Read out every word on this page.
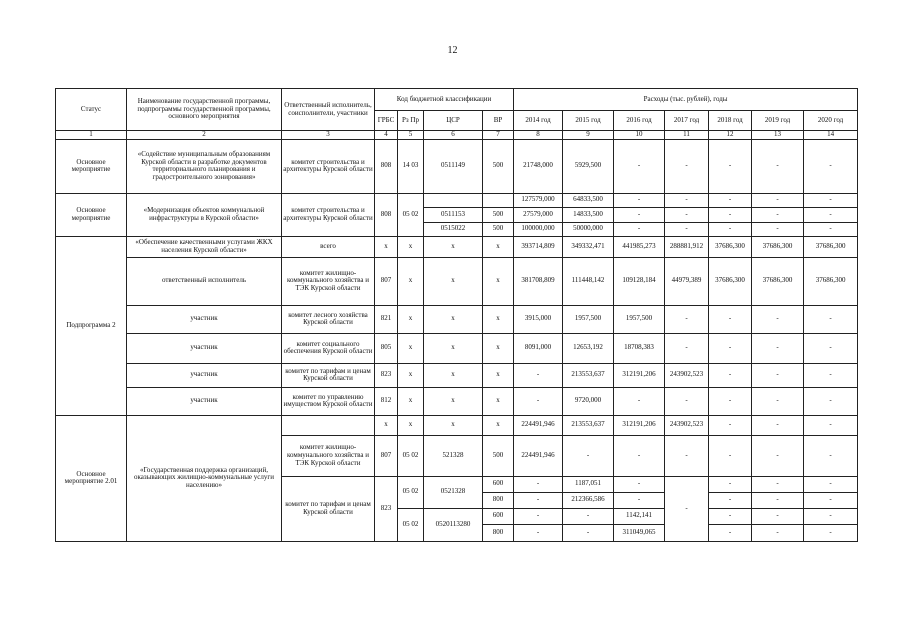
12
Статус	Наименование государственной программы, подпрограммы государственной программы, основного мероприятия	Ответственный исполнитель, соисполнители, участники	Код бюджетной классификации				Расходы (тыс. рублей), годы						
			ГРБС	Рз Пр	ЦСР	ВР	2014 год	2015 год	2016 год	2017 год	2018 год	2019 год	2020 год
1	2	3	4	5	6	7	8	9	10	11	12	13	14
Основное мероприятие	«Содействие муниципальным образованиям Курской области в разработке документов территориального планирования и градостроительного зонирования»	комитет строительства и архитектуры Курской области	808	14 03	0511149	500	21748,000	5929,500	-	-	-	-	-
Основное мероприятие	«Модернизация объектов коммунальной инфраструктуры в Курской области»	комитет строительства и архитектуры Курской области	808	05 02			127579,000	64833,500	-	-	-	-	-
					0511153	500	27579,000	14833,500	-	-	-	-	-
					0515022	500	100000,000	50000,000	-	-	-	-	-
Подпрограмма 2	«Обеспечение качественными услугами ЖКХ населения Курской области»	всего	х	х	х	х	393714,809	349332,471	441985,273	288881,912	37686,300	37686,300	37686,300
	ответственный исполнитель	комитет жилищно-коммунального хозяйства и ТЭК Курской области	807	х	х	х	381708,809	111448,142	109128,184	44979,389	37686,300	37686,300	37686,300
	участник	комитет лесного хозяйства Курской области	821	х	х	х	3915,000	1957,500	1957,500	-	-	-	-
	участник	комитет социального обеспечения Курской области	805	х	х	х	8091,000	12653,192	18708,383	-	-	-	-
	участник	комитет по тарифам и ценам Курской области	823	х	х	х	-	213553,637	312191,206	243902,523	-	-	-
	участник	комитет по управлению имуществом Курской области	812	х	х	х	-	9720,000	-	-	-	-	-
Основное мероприятие 2.01	«Государственная поддержка организаций, оказывающих жилищно-коммунальные услуги населению»		х	х	х	х	224491,946	213553,637	312191,206	243902,523	-	-	-
		комитет жилищно-коммунального хозяйства и ТЭК Курской области	807	05 02	521328	500	224491,946	-	-	-	-	-	-
		комитет по тарифам и ценам Курской области	823	05 02	0521328	600	-	1187,051	-	-	-	-	-
						800	-	212366,586	-		-	-	-
				05 02	0520113280	600	-	-	1142,141		-	-	-
						800	-	-	311049,065		-	-	-
